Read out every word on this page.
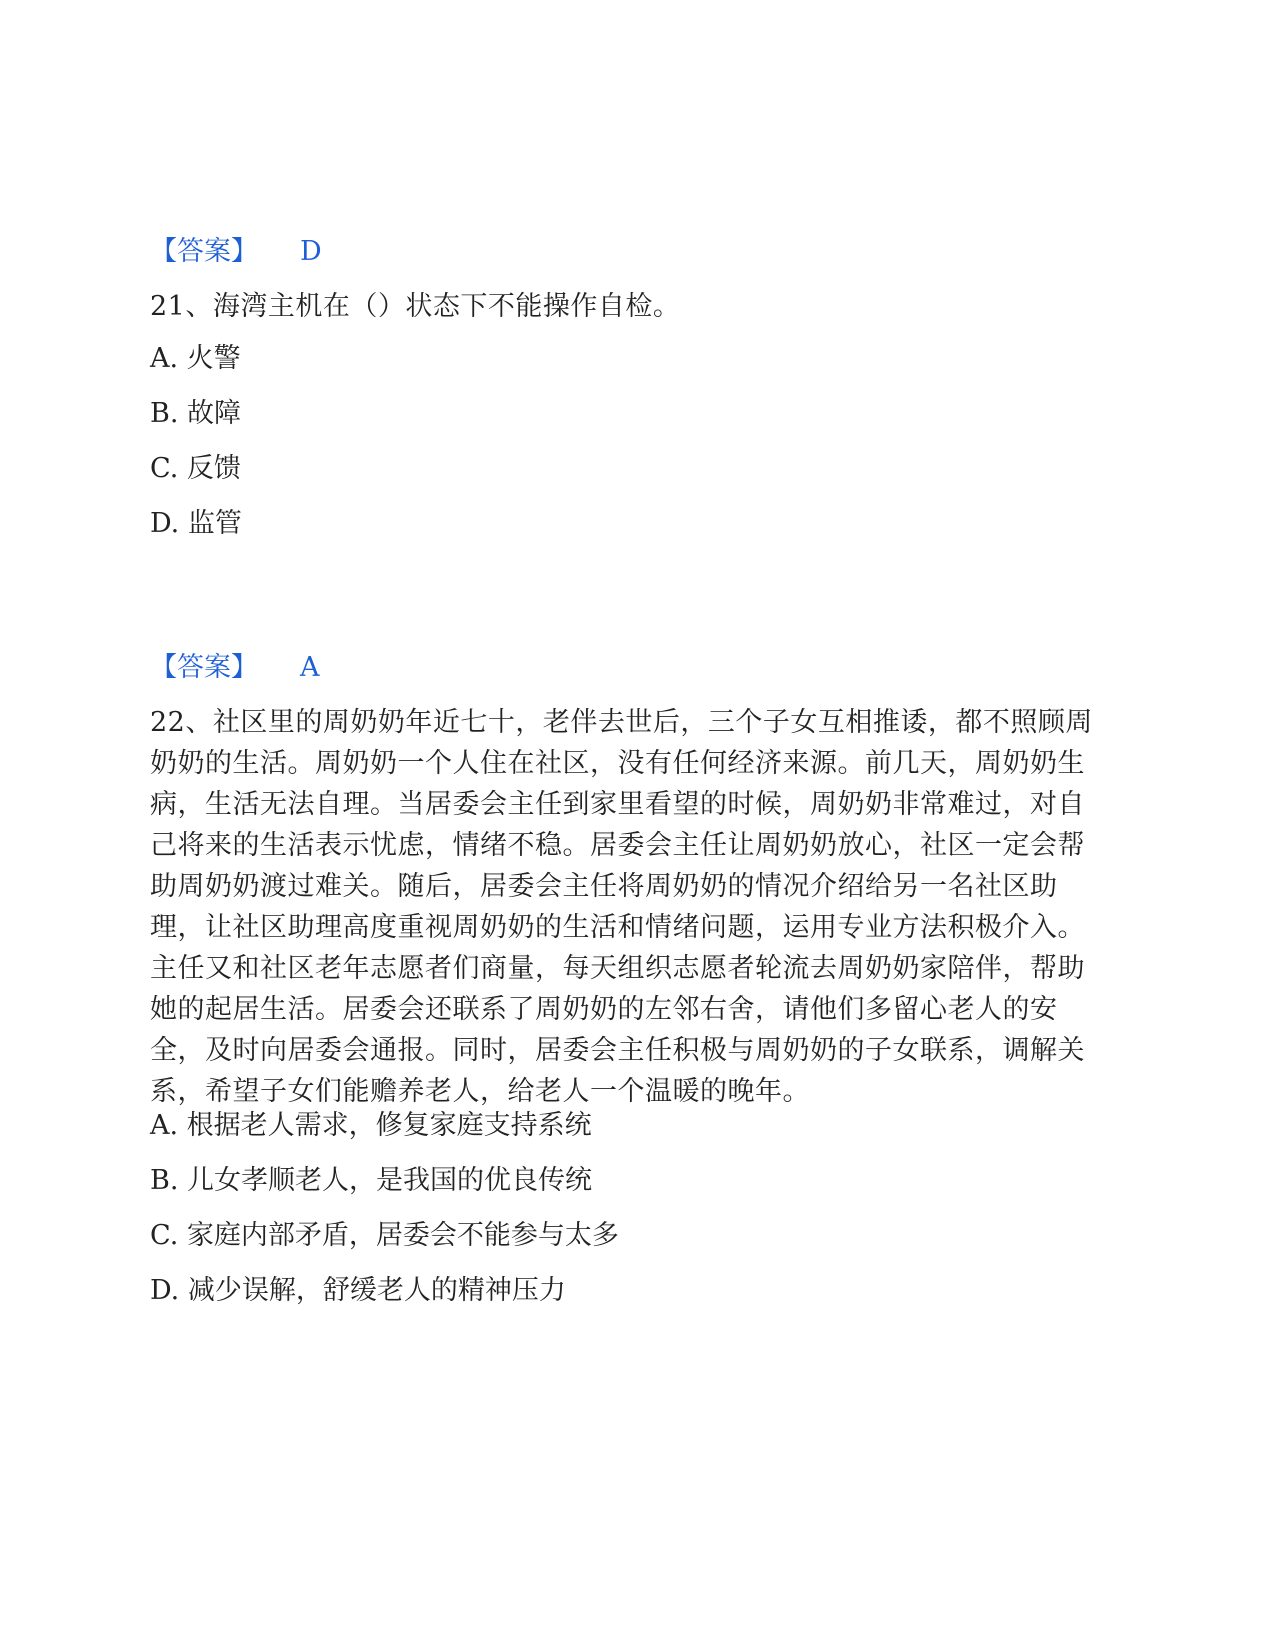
【答案】 D
21、海湾主机在（）状态下不能操作自检。
A. 火警
B. 故障
C. 反馈
D. 监管
【答案】 A
22、社区里的周奶奶年近七十，老伴去世后，三个子女互相推诿，都不照顾周奶奶的生活。周奶奶一个人住在社区，没有任何经济来源。前几天，周奶奶生病，生活无法自理。当居委会主任到家里看望的时候，周奶奶非常难过，对自己将来的生活表示忧虑，情绪不稳。居委会主任让周奶奶放心，社区一定会帮助周奶奶渡过难关。随后，居委会主任将周奶奶的情况介绍给另一名社区助理，让社区助理高度重视周奶奶的生活和情绪问题，运用专业方法积极介入。主任又和社区老年志愿者们商量，每天组织志愿者轮流去周奶奶家陪伴，帮助她的起居生活。居委会还联系了周奶奶的左邻右舍，请他们多留心老人的安全，及时向居委会通报。同时，居委会主任积极与周奶奶的子女联系，调解关系，希望子女们能赡养老人，给老人一个温暖的晚年。
A. 根据老人需求，修复家庭支持系统
B. 儿女孝顺老人，是我国的优良传统
C. 家庭内部矛盾，居委会不能参与太多
D. 减少误解，舒缓老人的精神压力
